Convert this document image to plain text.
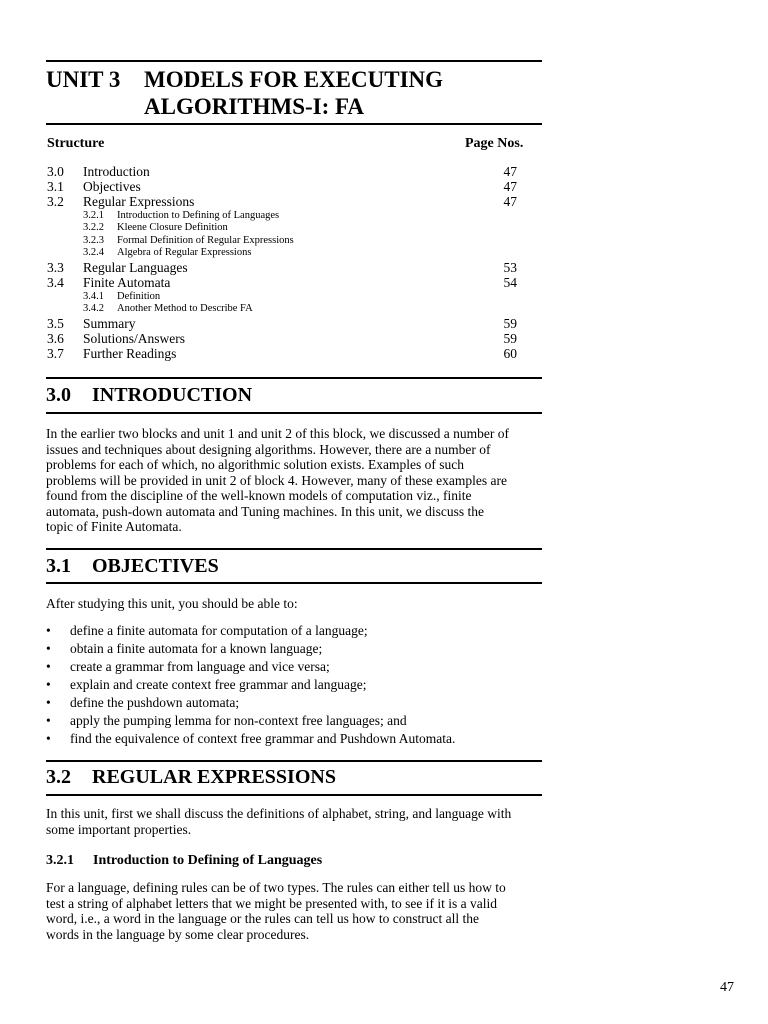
UNIT 3 MODELS FOR EXECUTING
ALGORITHMS-I: FA
Structure	Page Nos.
3.0 Introduction	47
3.1 Objectives	47
3.2 Regular Expressions	47
3.2.1 Introduction to Defining of Languages
3.2.2 Kleene Closure Definition
3.2.3 Formal Definition of Regular Expressions
3.2.4 Algebra of Regular Expressions
3.3 Regular Languages	53
3.4 Finite Automata	54
3.4.1 Definition
3.4.2 Another Method to Describe FA
3.5 Summary	59
3.6 Solutions/Answers	59
3.7 Further Readings	60
3.0 INTRODUCTION
In the earlier two blocks and unit 1 and unit 2 of this block, we discussed a number of
issues and techniques about designing algorithms. However, there are a number of
problems for each of which, no algorithmic solution exists. Examples of such
problems will be provided in unit 2 of block 4. However, many of these examples are
found from the discipline of the well-known models of computation viz., finite
automata, push-down automata and Tuning machines. In this unit, we discuss the
topic of Finite Automata.
3.1 OBJECTIVES
After studying this unit, you should be able to:
• define a finite automata for computation of a language;
• obtain a finite automata for a known language;
• create a grammar from language and vice versa;
• explain and create context free grammar and language;
• define the pushdown automata;
• apply the pumping lemma for non-context free languages; and
• find the equivalence of context free grammar and Pushdown Automata.
3.2 REGULAR EXPRESSIONS
In this unit, first we shall discuss the definitions of alphabet, string, and language with
some important properties.
3.2.1 Introduction to Defining of Languages
For a language, defining rules can be of two types. The rules can either tell us how to
test a string of alphabet letters that we might be presented with, to see if it is a valid
word, i.e., a word in the language or the rules can tell us how to construct all the
words in the language by some clear procedures.
47
